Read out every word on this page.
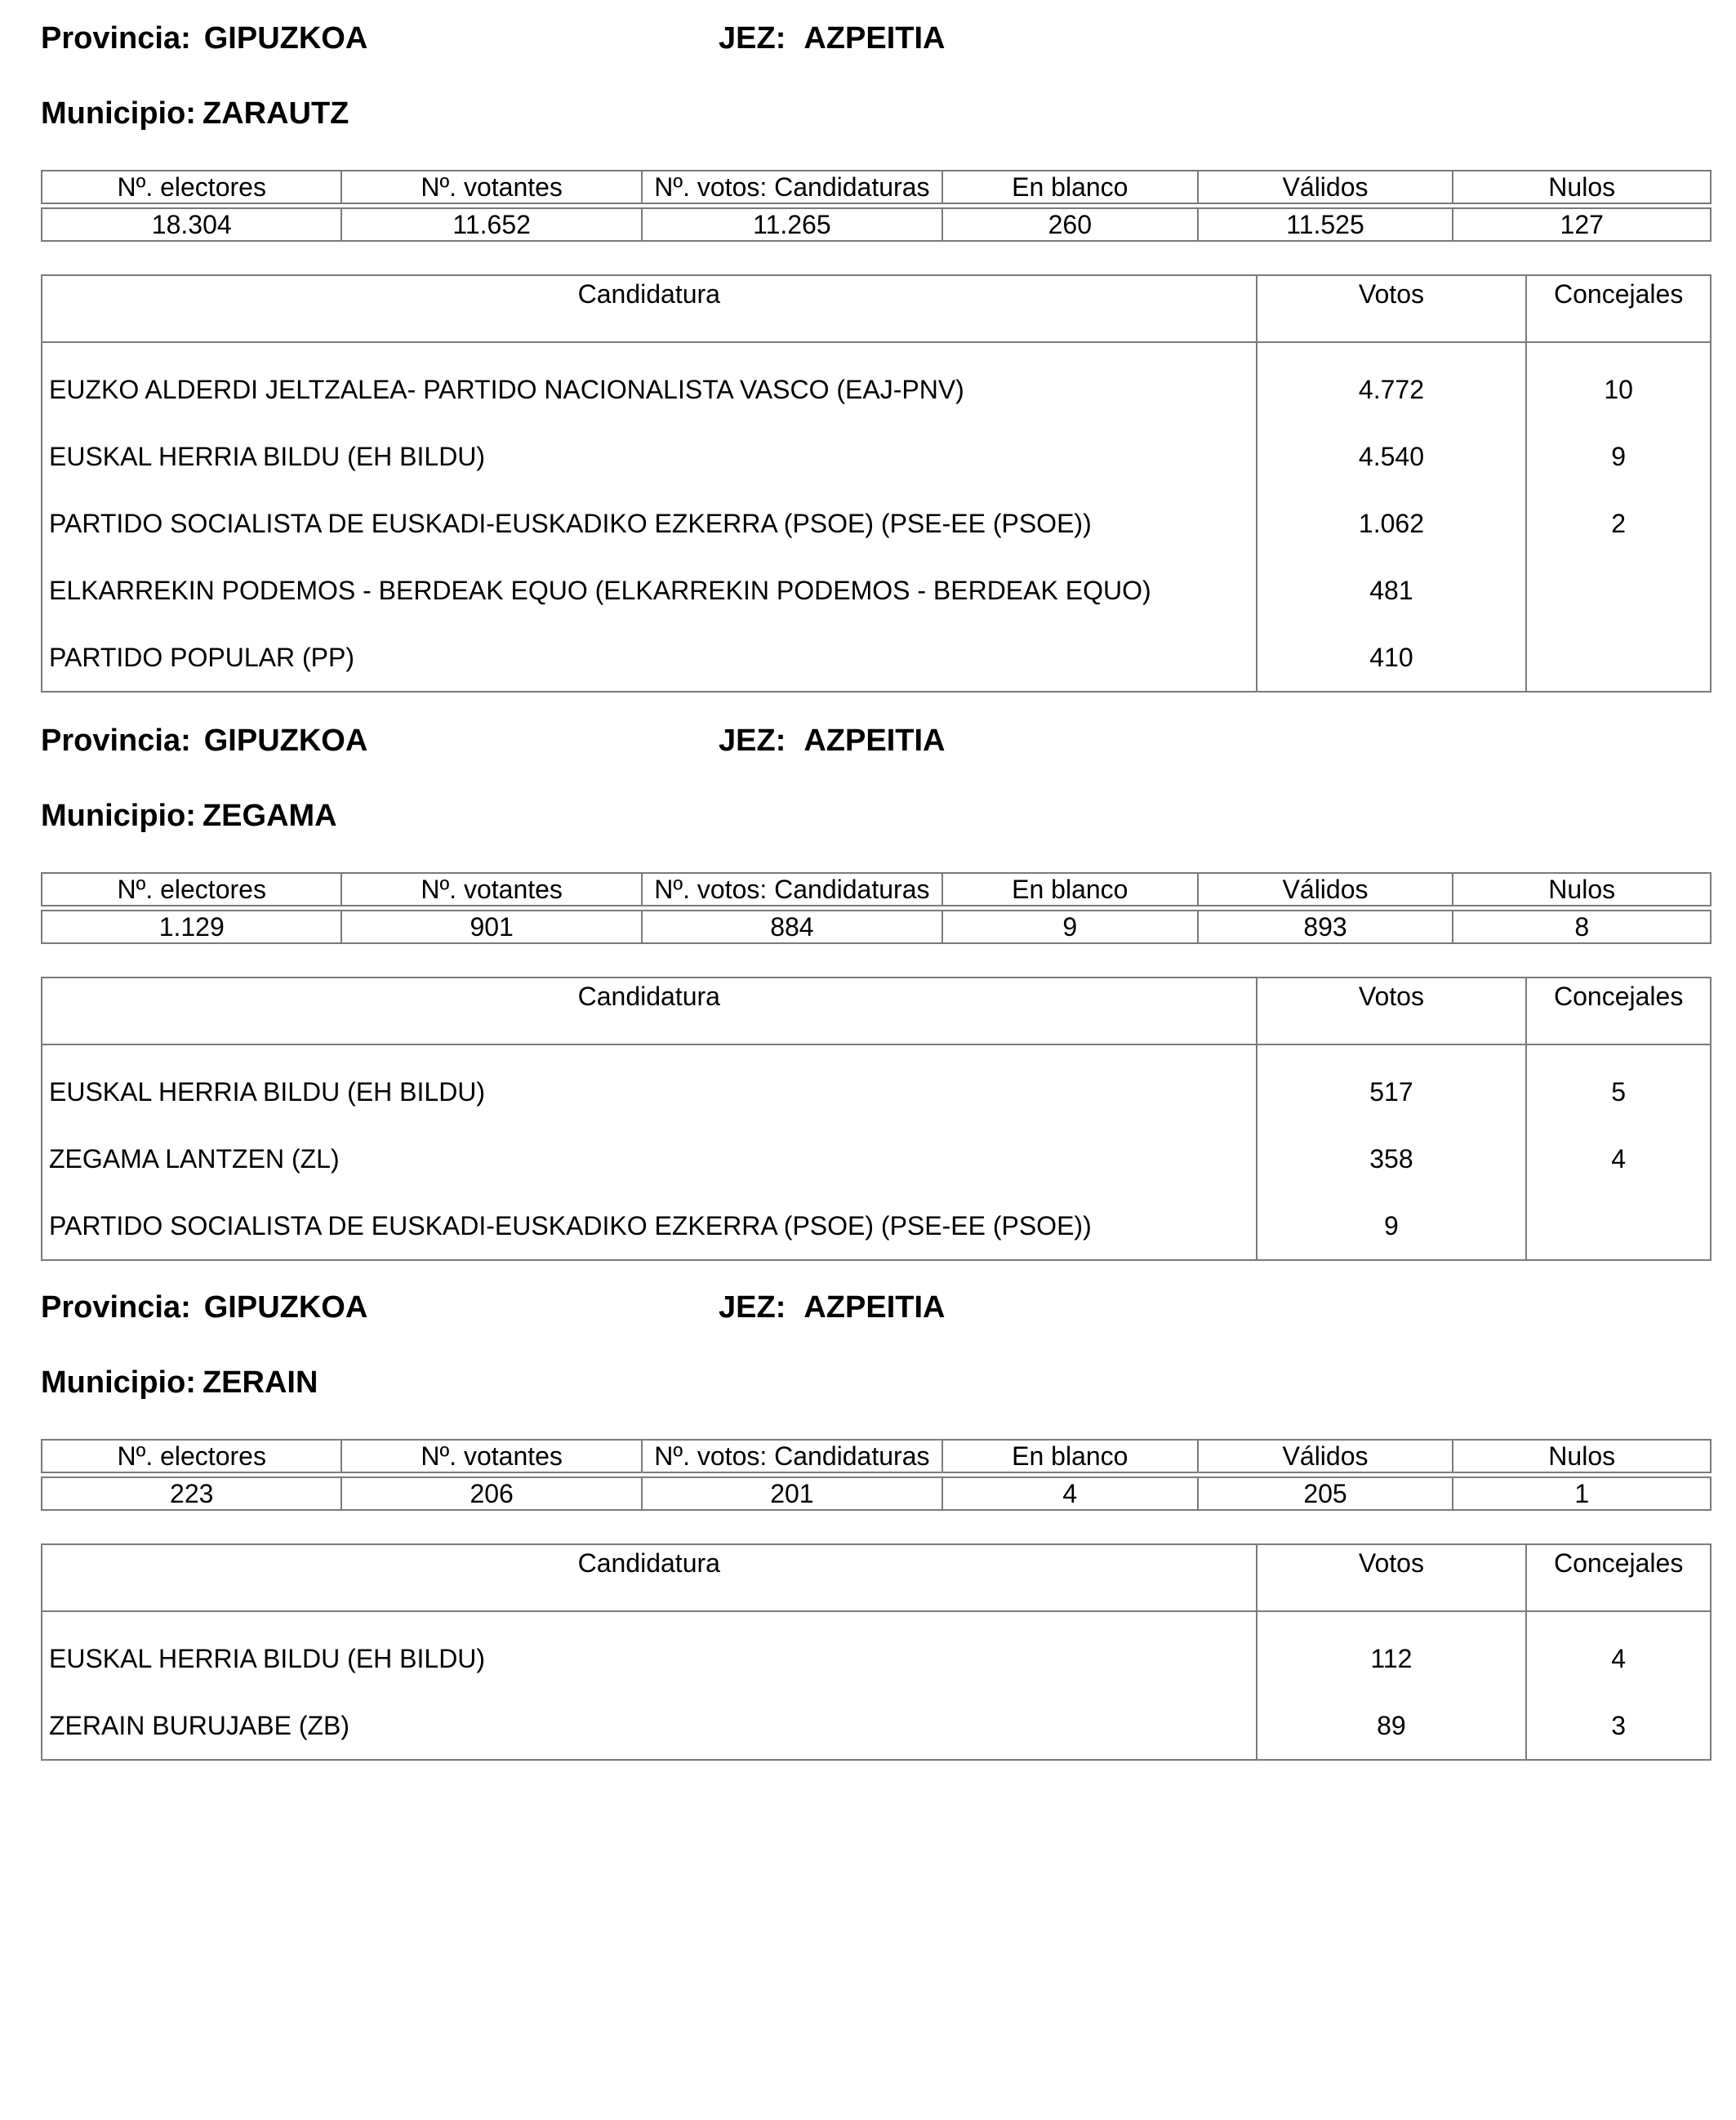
Provincia: GIPUZKOA	JEZ: AZPEITIA
Municipio: ZARAUTZ
Nº. electores	Nº. votantes	Nº. votos: Candidaturas	En blanco	Válidos	Nulos

18.304	11.652	11.265	260	11.525	127
Candidatura	Votos	Concejales

EUZKO ALDERDI JELTZALEA- PARTIDO NACIONALISTA VASCO (EAJ-PNV)	4.772	10
EUSKAL HERRIA BILDU (EH BILDU)	4.540	9
PARTIDO SOCIALISTA DE EUSKADI-EUSKADIKO EZKERRA (PSOE) (PSE-EE (PSOE))	1.062	2
ELKARREKIN PODEMOS - BERDEAK EQUO (ELKARREKIN PODEMOS - BERDEAK EQUO)	481	
PARTIDO POPULAR (PP)	410	
Provincia: GIPUZKOA	JEZ: AZPEITIA
Municipio: ZEGAMA
Nº. electores	Nº. votantes	Nº. votos: Candidaturas	En blanco	Válidos	Nulos

1.129	901	884	9	893	8
Candidatura	Votos	Concejales

EUSKAL HERRIA BILDU (EH BILDU)	517	5
ZEGAMA LANTZEN (ZL)	358	4
PARTIDO SOCIALISTA DE EUSKADI-EUSKADIKO EZKERRA (PSOE) (PSE-EE (PSOE))	9	
Provincia: GIPUZKOA	JEZ: AZPEITIA
Municipio: ZERAIN
Nº. electores	Nº. votantes	Nº. votos: Candidaturas	En blanco	Válidos	Nulos

223	206	201	4	205	1
Candidatura	Votos	Concejales

EUSKAL HERRIA BILDU (EH BILDU)	112	4
ZERAIN BURUJABE (ZB)	89	3
